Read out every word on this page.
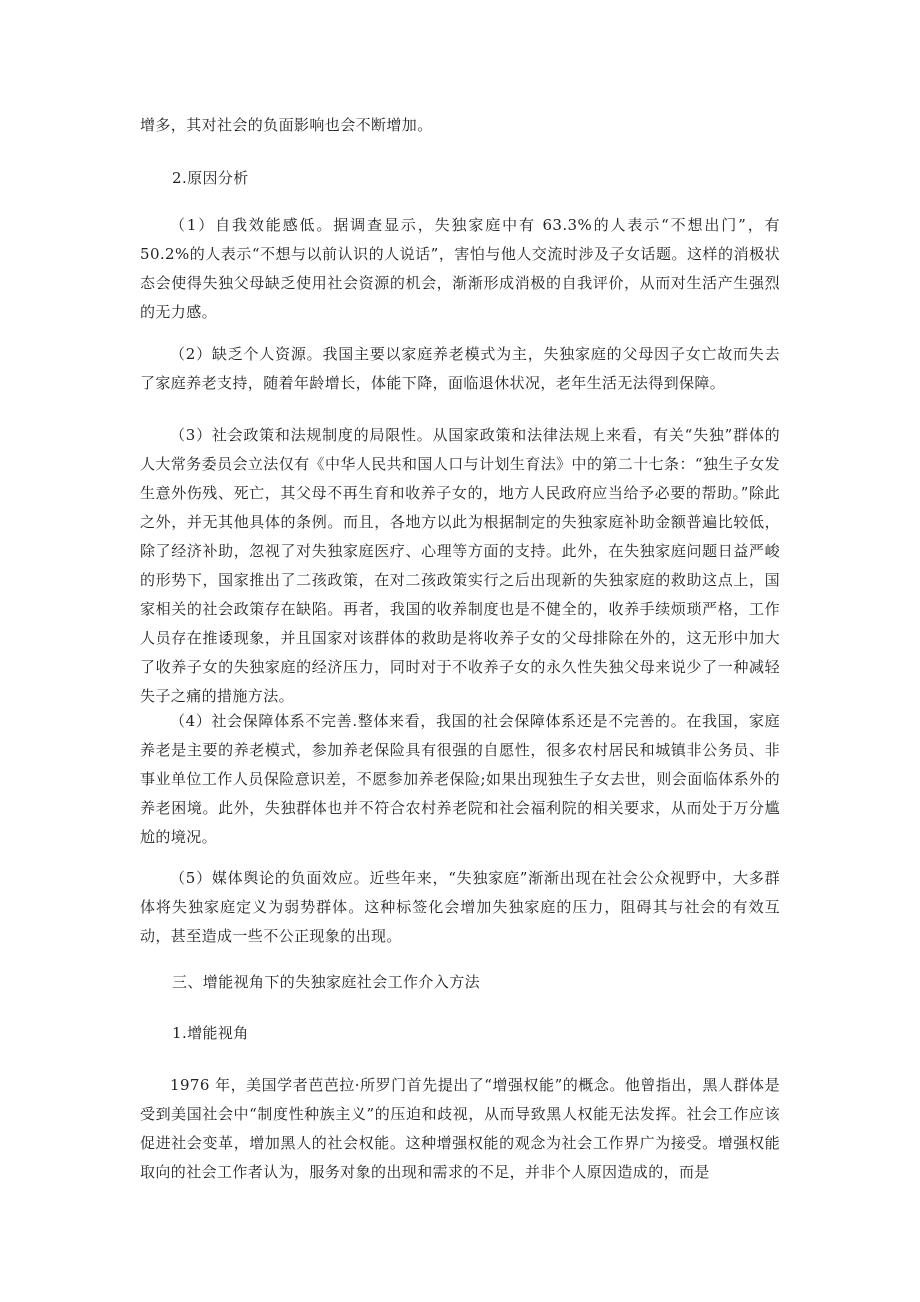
增多，其对社会的负面影响也会不断增加。
2.原因分析
（1）自我效能感低。据调查显示，失独家庭中有 63.3%的人表示“不想出门”，有 50.2%的人表示“不想与以前认识的人说话”，害怕与他人交流时涉及子女话题。这样的消极状态会使得失独父母缺乏使用社会资源的机会，渐渐形成消极的自我评价，从而对生活产生强烈的无力感。
（2）缺乏个人资源。我国主要以家庭养老模式为主，失独家庭的父母因子女亡故而失去了家庭养老支持，随着年龄增长，体能下降，面临退休状况，老年生活无法得到保障。
（3）社会政策和法规制度的局限性。从国家政策和法律法规上来看，有关“失独”群体的人大常务委员会立法仅有《中华人民共和国人口与计划生育法》中的第二十七条：“独生子女发生意外伤残、死亡，其父母不再生育和收养子女的，地方人民政府应当给予必要的帮助。”除此之外，并无其他具体的条例。而且，各地方以此为根据制定的失独家庭补助金额普遍比较低，除了经济补助，忽视了对失独家庭医疗、心理等方面的支持。此外，在失独家庭问题日益严峻的形势下，国家推出了二孩政策，在对二孩政策实行之后出现新的失独家庭的救助这点上，国家相关的社会政策存在缺陷。再者，我国的收养制度也是不健全的，收养手续烦琐严格，工作人员存在推诿现象，并且国家对该群体的救助是将收养子女的父母排除在外的，这无形中加大了收养子女的失独家庭的经济压力，同时对于不收养子女的永久性失独父母来说少了一种减轻失子之痛的措施方法。
（4）社会保障体系不完善.整体来看，我国的社会保障体系还是不完善的。在我国，家庭养老是主要的养老模式，参加养老保险具有很强的自愿性，很多农村居民和城镇非公务员、非事业单位工作人员保险意识差，不愿参加养老保险;如果出现独生子女去世，则会面临体系外的养老困境。此外，失独群体也并不符合农村养老院和社会福利院的相关要求，从而处于万分尴尬的境况。
（5）媒体舆论的负面效应。近些年来，“失独家庭”渐渐出现在社会公众视野中，大多群体将失独家庭定义为弱势群体。这种标签化会增加失独家庭的压力，阻碍其与社会的有效互动，甚至造成一些不公正现象的出现。
三、增能视角下的失独家庭社会工作介入方法
1.增能视角
1976 年，美国学者芭芭拉·所罗门首先提出了“增强权能”的概念。他曾指出，黑人群体是受到美国社会中“制度性种族主义”的压迫和歧视，从而导致黑人权能无法发挥。社会工作应该促进社会变革，增加黑人的社会权能。这种增强权能的观念为社会工作界广为接受。增强权能取向的社会工作者认为，服务对象的出现和需求的不足，并非个人原因造成的，而是
